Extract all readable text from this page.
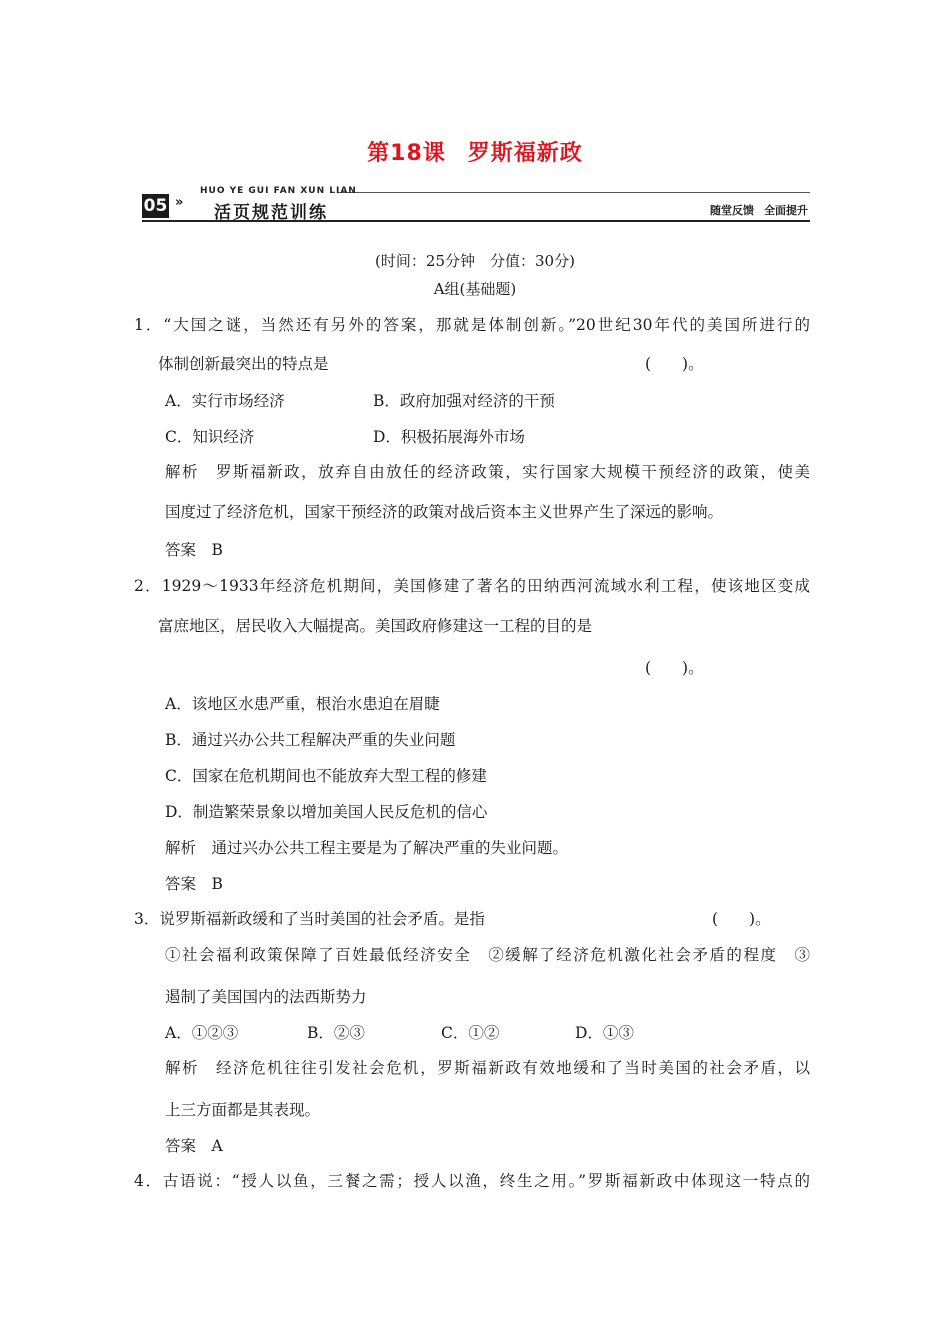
第18课 罗斯福新政
HUO YE GUI FAN XUN LIAN
05 »
活页规范训练	随堂反馈 全面提升
(时间：25分钟　分值：30分)
A组(基础题)
1．“大国之谜，当然还有另外的答案，那就是体制创新。”20世纪30年代的美国所进行的
体制创新最突出的特点是	(　　)。
A．实行市场经济	B．政府加强对经济的干预
C．知识经济	D．积极拓展海外市场
解析　罗斯福新政，放弃自由放任的经济政策，实行国家大规模干预经济的政策，使美
国度过了经济危机，国家干预经济的政策对战后资本主义世界产生了深远的影响。
答案　B
2．1929～1933年经济危机期间，美国修建了著名的田纳西河流域水利工程，使该地区变成
富庶地区，居民收入大幅提高。美国政府修建这一工程的目的是
(　　)。
A．该地区水患严重，根治水患迫在眉睫
B．通过兴办公共工程解决严重的失业问题
C．国家在危机期间也不能放弃大型工程的修建
D．制造繁荣景象以增加美国人民反危机的信心
解析　通过兴办公共工程主要是为了解决严重的失业问题。
答案　B
3．说罗斯福新政缓和了当时美国的社会矛盾。是指	(　　)。
①社会福利政策保障了百姓最低经济安全　②缓解了经济危机激化社会矛盾的程度　③
遏制了美国国内的法西斯势力
A．①②③	B．②③	C．①②	D．①③
解析　经济危机往往引发社会危机，罗斯福新政有效地缓和了当时美国的社会矛盾，以
上三方面都是其表现。
答案　A
4．古语说：“授人以鱼，三餐之需；授人以渔，终生之用。”罗斯福新政中体现这一特点的
